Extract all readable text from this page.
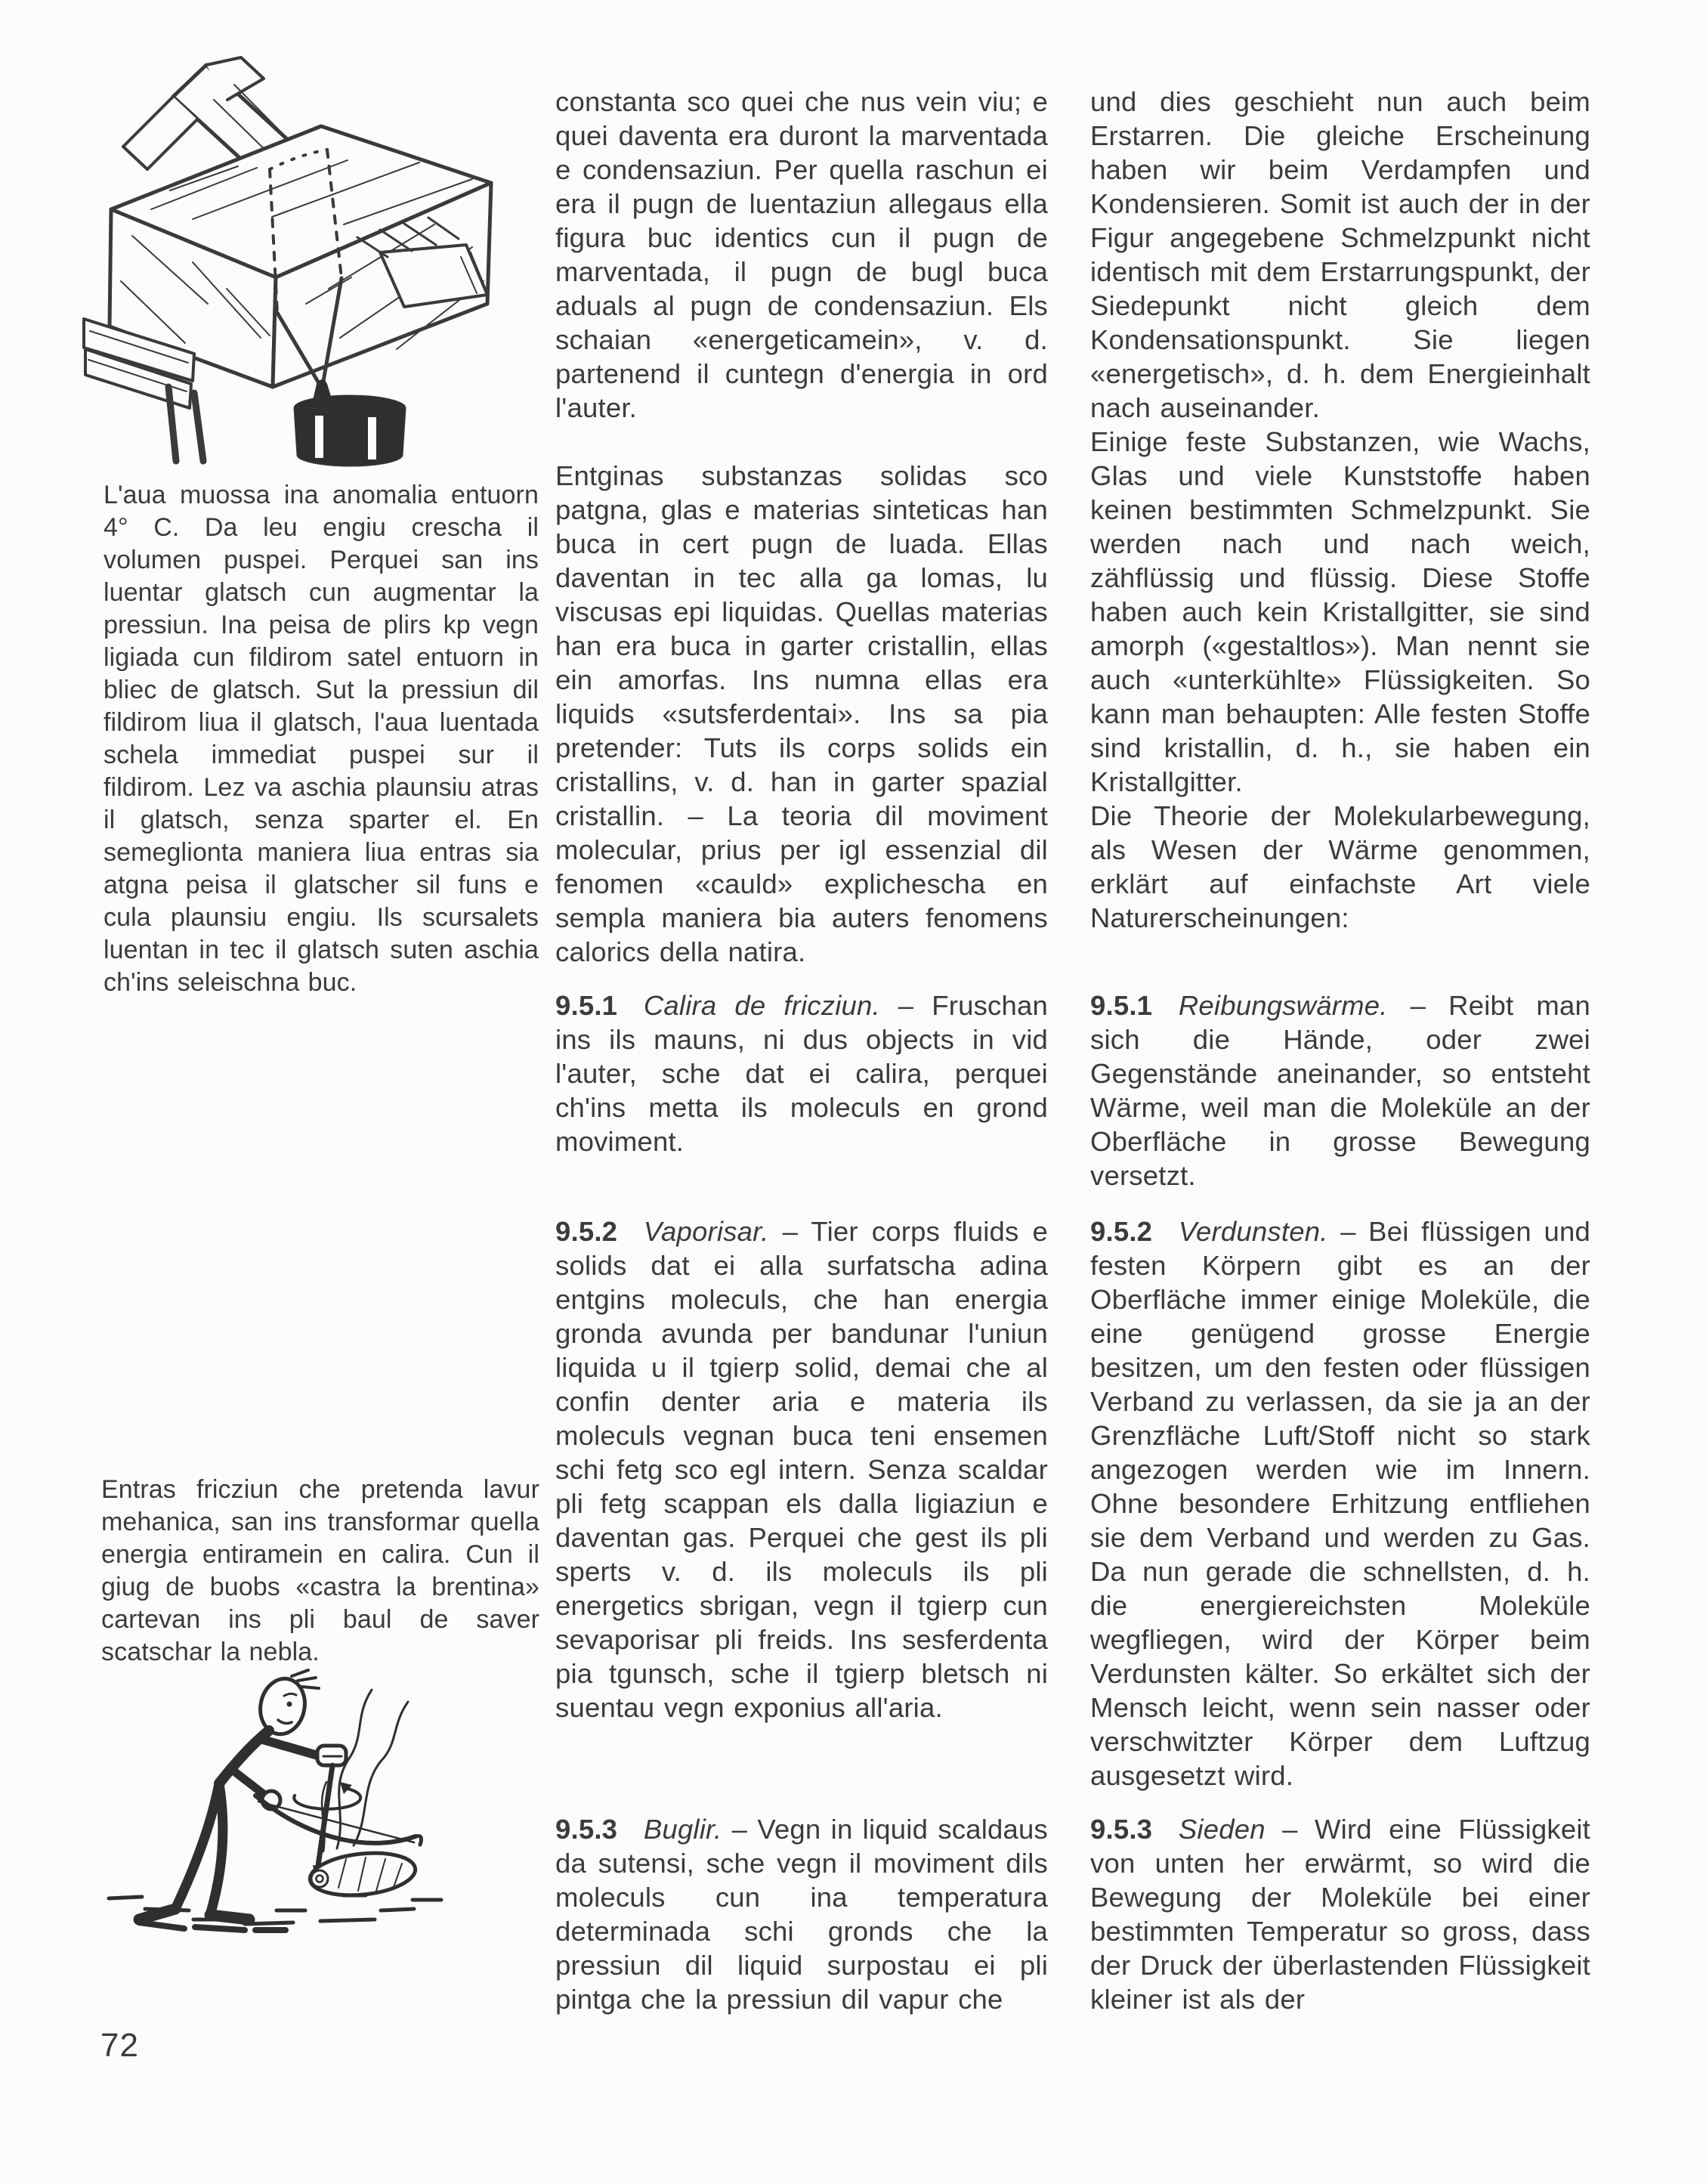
L'aua muossa ina anomalia entuorn 4° C. Da leu engiu crescha il volumen puspei. Perquei san ins luentar glatsch cun augmentar la pressiun. Ina peisa de plirs kp vegn ligiada cun fildirom satel entuorn in bliec de glatsch. Sut la pressiun dil fildirom liua il glatsch, l'aua luentada schela immediat puspei sur il fildirom. Lez va aschia plaunsiu atras il glatsch, senza sparter el. En semeglionta maniera liua entras sia atgna peisa il glatscher sil funs e cula plaunsiu engiu. Ils scursalets luentan in tec il glatsch suten aschia ch'ins seleischna buc.

Entras fricziun che pretenda lavur mehanica, san ins transformar quella energia entiramein en calira. Cun il giug de buobs «castra la brentina» cartevan ins pli baul de saver scatschar la nebla.

72

constanta sco quei che nus vein viu; e quei daventa era duront la marventada e condensaziun. Per quella raschun ei era il pugn de luentaziun allegaus ella figura buc identics cun il pugn de marventada, il pugn de bugl buca aduals al pugn de condensaziun. Els schaian «energeticamein», v. d. partenend il cuntegn d'energia in ord l'auter.

Entginas substanzas solidas sco patgna, glas e materias sinteticas han buca in cert pugn de luada. Ellas daventan in tec alla ga lomas, lu viscusas epi liquidas. Quellas materias han era buca in garter cristallin, ellas ein amorfas. Ins numna ellas era liquids «sutsferdentai». Ins sa pia pretender: Tuts ils corps solids ein cristallins, v. d. han in garter spazial cristallin. – La teoria dil moviment molecular, prius per igl essenzial dil fenomen «cauld» explichescha en sempla maniera bia auters fenomens calorics della natira.

9.5.1 Calira de fricziun. – Fruschan ins ils mauns, ni dus objects in vid l'auter, sche dat ei calira, perquei ch'ins metta ils moleculs en grond moviment.

9.5.2 Vaporisar. – Tier corps fluids e solids dat ei alla surfatscha adina entgins moleculs, che han energia gronda avunda per bandunar l'uniun liquida u il tgierp solid, demai che al confin denter aria e materia ils moleculs vegnan buca teni ensemen schi fetg sco egl intern. Senza scaldar pli fetg scappan els dalla ligiaziun e daventan gas. Perquei che gest ils pli sperts v. d. ils moleculs ils pli energetics sbrigan, vegn il tgierp cun sevaporisar pli freids. Ins sesferdenta pia tgunsch, sche il tgierp bletsch ni suentau vegn exponius all'aria.

9.5.3 Buglir. – Vegn in liquid scaldaus da sutensi, sche vegn il moviment dils moleculs cun ina temperatura determinada schi gronds che la pressiun dil liquid surpostau ei pli pintga che la pressiun dil vapur che

und dies geschieht nun auch beim Erstarren. Die gleiche Erscheinung haben wir beim Verdampfen und Kondensieren. Somit ist auch der in der Figur angegebene Schmelzpunkt nicht identisch mit dem Erstarrungspunkt, der Siedepunkt nicht gleich dem Kondensationspunkt. Sie liegen «energetisch», d. h. dem Energieinhalt nach auseinander.

Einige feste Substanzen, wie Wachs, Glas und viele Kunststoffe haben keinen bestimmten Schmelzpunkt. Sie werden nach und nach weich, zähflüssig und flüssig. Diese Stoffe haben auch kein Kristallgitter, sie sind amorph («gestaltlos»). Man nennt sie auch «unterkühlte» Flüssigkeiten. So kann man behaupten: Alle festen Stoffe sind kristallin, d. h., sie haben ein Kristallgitter.

Die Theorie der Molekularbewegung, als Wesen der Wärme genommen, erklärt auf einfachste Art viele Naturerscheinungen:

9.5.1 Reibungswärme. – Reibt man sich die Hände, oder zwei Gegenstände aneinander, so entsteht Wärme, weil man die Moleküle an der Oberfläche in grosse Bewegung versetzt.

9.5.2 Verdunsten. – Bei flüssigen und festen Körpern gibt es an der Oberfläche immer einige Moleküle, die eine genügend grosse Energie besitzen, um den festen oder flüssigen Verband zu verlassen, da sie ja an der Grenzfläche Luft/Stoff nicht so stark angezogen werden wie im Innern. Ohne besondere Erhitzung entfliehen sie dem Verband und werden zu Gas. Da nun gerade die schnellsten, d. h. die energiereichsten Moleküle wegfliegen, wird der Körper beim Verdunsten kälter. So erkältet sich der Mensch leicht, wenn sein nasser oder verschwitzter Körper dem Luftzug ausgesetzt wird.

9.5.3 Sieden – Wird eine Flüssigkeit von unten her erwärmt, so wird die Bewegung der Moleküle bei einer bestimmten Temperatur so gross, dass der Druck der überlastenden Flüssigkeit kleiner ist als der
